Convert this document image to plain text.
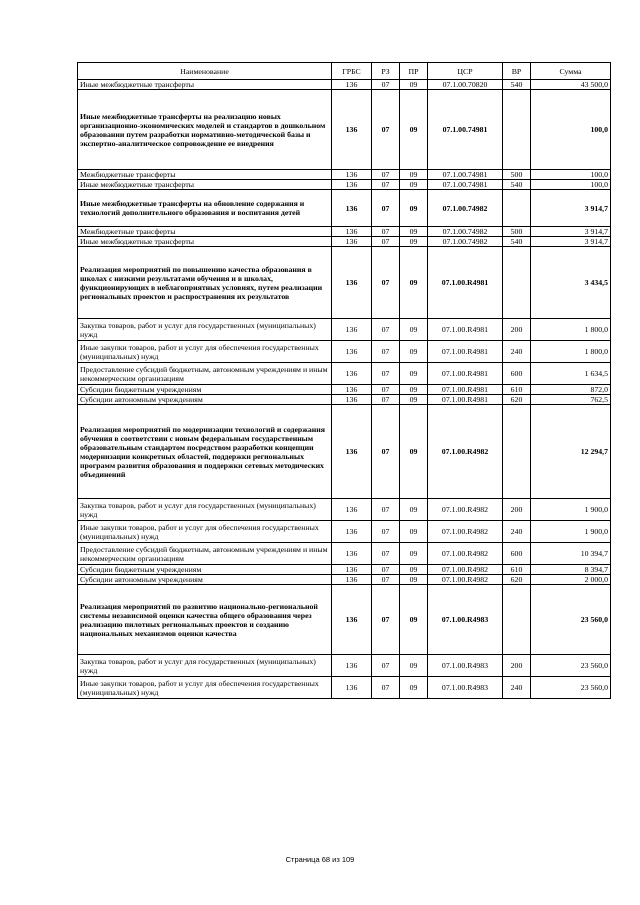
Наименование	ГРБС	РЗ	ПР	ЦСР	ВР	Сумма
Иные межбюджетные трансферты	136	07	09	07.1.00.70820	540	43 500,0
Иные межбюджетные трансферты на реализацию новых организационно-экономических моделей и стандартов в дошкольном образовании путем разработки нормативно-методической базы и экспертно-аналитическое сопровождение ее внедрения	136	07	09	07.1.00.74981		100,0
Межбюджетные трансферты	136	07	09	07.1.00.74981	500	100,0
Иные межбюджетные трансферты	136	07	09	07.1.00.74981	540	100,0
Иные межбюджетные трансферты на обновление содержания и технологий дополнительного образования и воспитания детей	136	07	09	07.1.00.74982		3 914,7
Межбюджетные трансферты	136	07	09	07.1.00.74982	500	3 914,7
Иные межбюджетные трансферты	136	07	09	07.1.00.74982	540	3 914,7
Реализация мероприятий по повышению качества образования в школах с низкими результатами обучения и в школах, функционирующих в неблагоприятных условиях, путем реализации региональных проектов и распространения их результатов	136	07	09	07.1.00.R4981		3 434,5
Закупка товаров, работ и услуг для государственных (муниципальных) нужд	136	07	09	07.1.00.R4981	200	1 800,0
Иные закупки товаров, работ и услуг для обеспечения государственных (муниципальных) нужд	136	07	09	07.1.00.R4981	240	1 800,0
Предоставление субсидий бюджетным, автономным учреждениям и иным некоммерческим организациям	136	07	09	07.1.00.R4981	600	1 634,5
Субсидии бюджетным учреждениям	136	07	09	07.1.00.R4981	610	872,0
Субсидии автономным учреждениям	136	07	09	07.1.00.R4981	620	762,5
Реализация мероприятий по модернизации технологий и содержания обучения в соответствии с новым федеральным государственным образовательным стандартом посредством разработки концепции модернизации конкретных областей, поддержки региональных программ развития образования и поддержки сетевых методических объединений	136	07	09	07.1.00.R4982		12 294,7
Закупка товаров, работ и услуг для государственных (муниципальных) нужд	136	07	09	07.1.00.R4982	200	1 900,0
Иные закупки товаров, работ и услуг для обеспечения государственных (муниципальных) нужд	136	07	09	07.1.00.R4982	240	1 900,0
Предоставление субсидий бюджетным, автономным учреждениям и иным некоммерческим организациям	136	07	09	07.1.00.R4982	600	10 394,7
Субсидии бюджетным учреждениям	136	07	09	07.1.00.R4982	610	8 394,7
Субсидии автономным учреждениям	136	07	09	07.1.00.R4982	620	2 000,0
Реализация мероприятий по развитию национально-региональной системы независимой оценки качества общего образования через реализацию пилотных региональных проектов и созданию национальных механизмов оценки качества	136	07	09	07.1.00.R4983		23 560,0
Закупка товаров, работ и услуг для государственных (муниципальных) нужд	136	07	09	07.1.00.R4983	200	23 560,0
Иные закупки товаров, работ и услуг для обеспечения государственных (муниципальных) нужд	136	07	09	07.1.00.R4983	240	23 560,0
Страница 68 из 109
